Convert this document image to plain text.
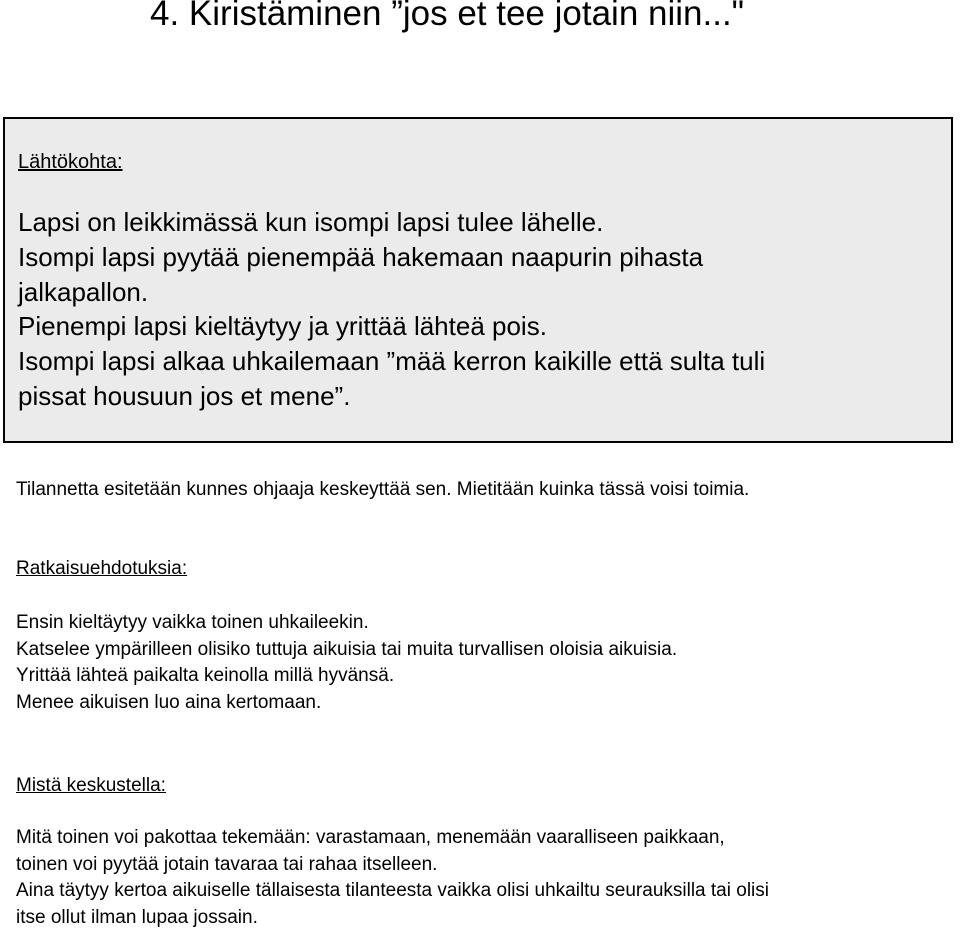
4. Kiristäminen ”jos et tee jotain niin..."

Lähtökohta:

Lapsi on leikkimässä kun isompi lapsi tulee lähelle.
Isompi lapsi pyytää pienempää hakemaan naapurin pihasta
jalkapallon.
Pienempi lapsi kieltäytyy ja yrittää lähteä pois.
Isompi lapsi alkaa uhkailemaan ”mää kerron kaikille että sulta tuli
pissat housuun jos et mene”.

Tilannetta esitetään kunnes ohjaaja keskeyttää sen. Mietitään kuinka tässä voisi toimia.

Ratkaisuehdotuksia:
Ensin kieltäytyy vaikka toinen uhkaileekin.
Katselee ympärilleen olisiko tuttuja aikuisia tai muita turvallisen oloisia aikuisia.
Yrittää lähteä paikalta keinolla millä hyvänsä.
Menee aikuisen luo aina kertomaan.
Mistä keskustella:
Mitä toinen voi pakottaa tekemään: varastamaan, menemään vaaralliseen paikkaan,
toinen voi pyytää jotain tavaraa tai rahaa itselleen.
Aina täytyy kertoa aikuiselle tällaisesta tilanteesta vaikka olisi uhkailtu seurauksilla tai olisi
itse ollut ilman lupaa jossain.
